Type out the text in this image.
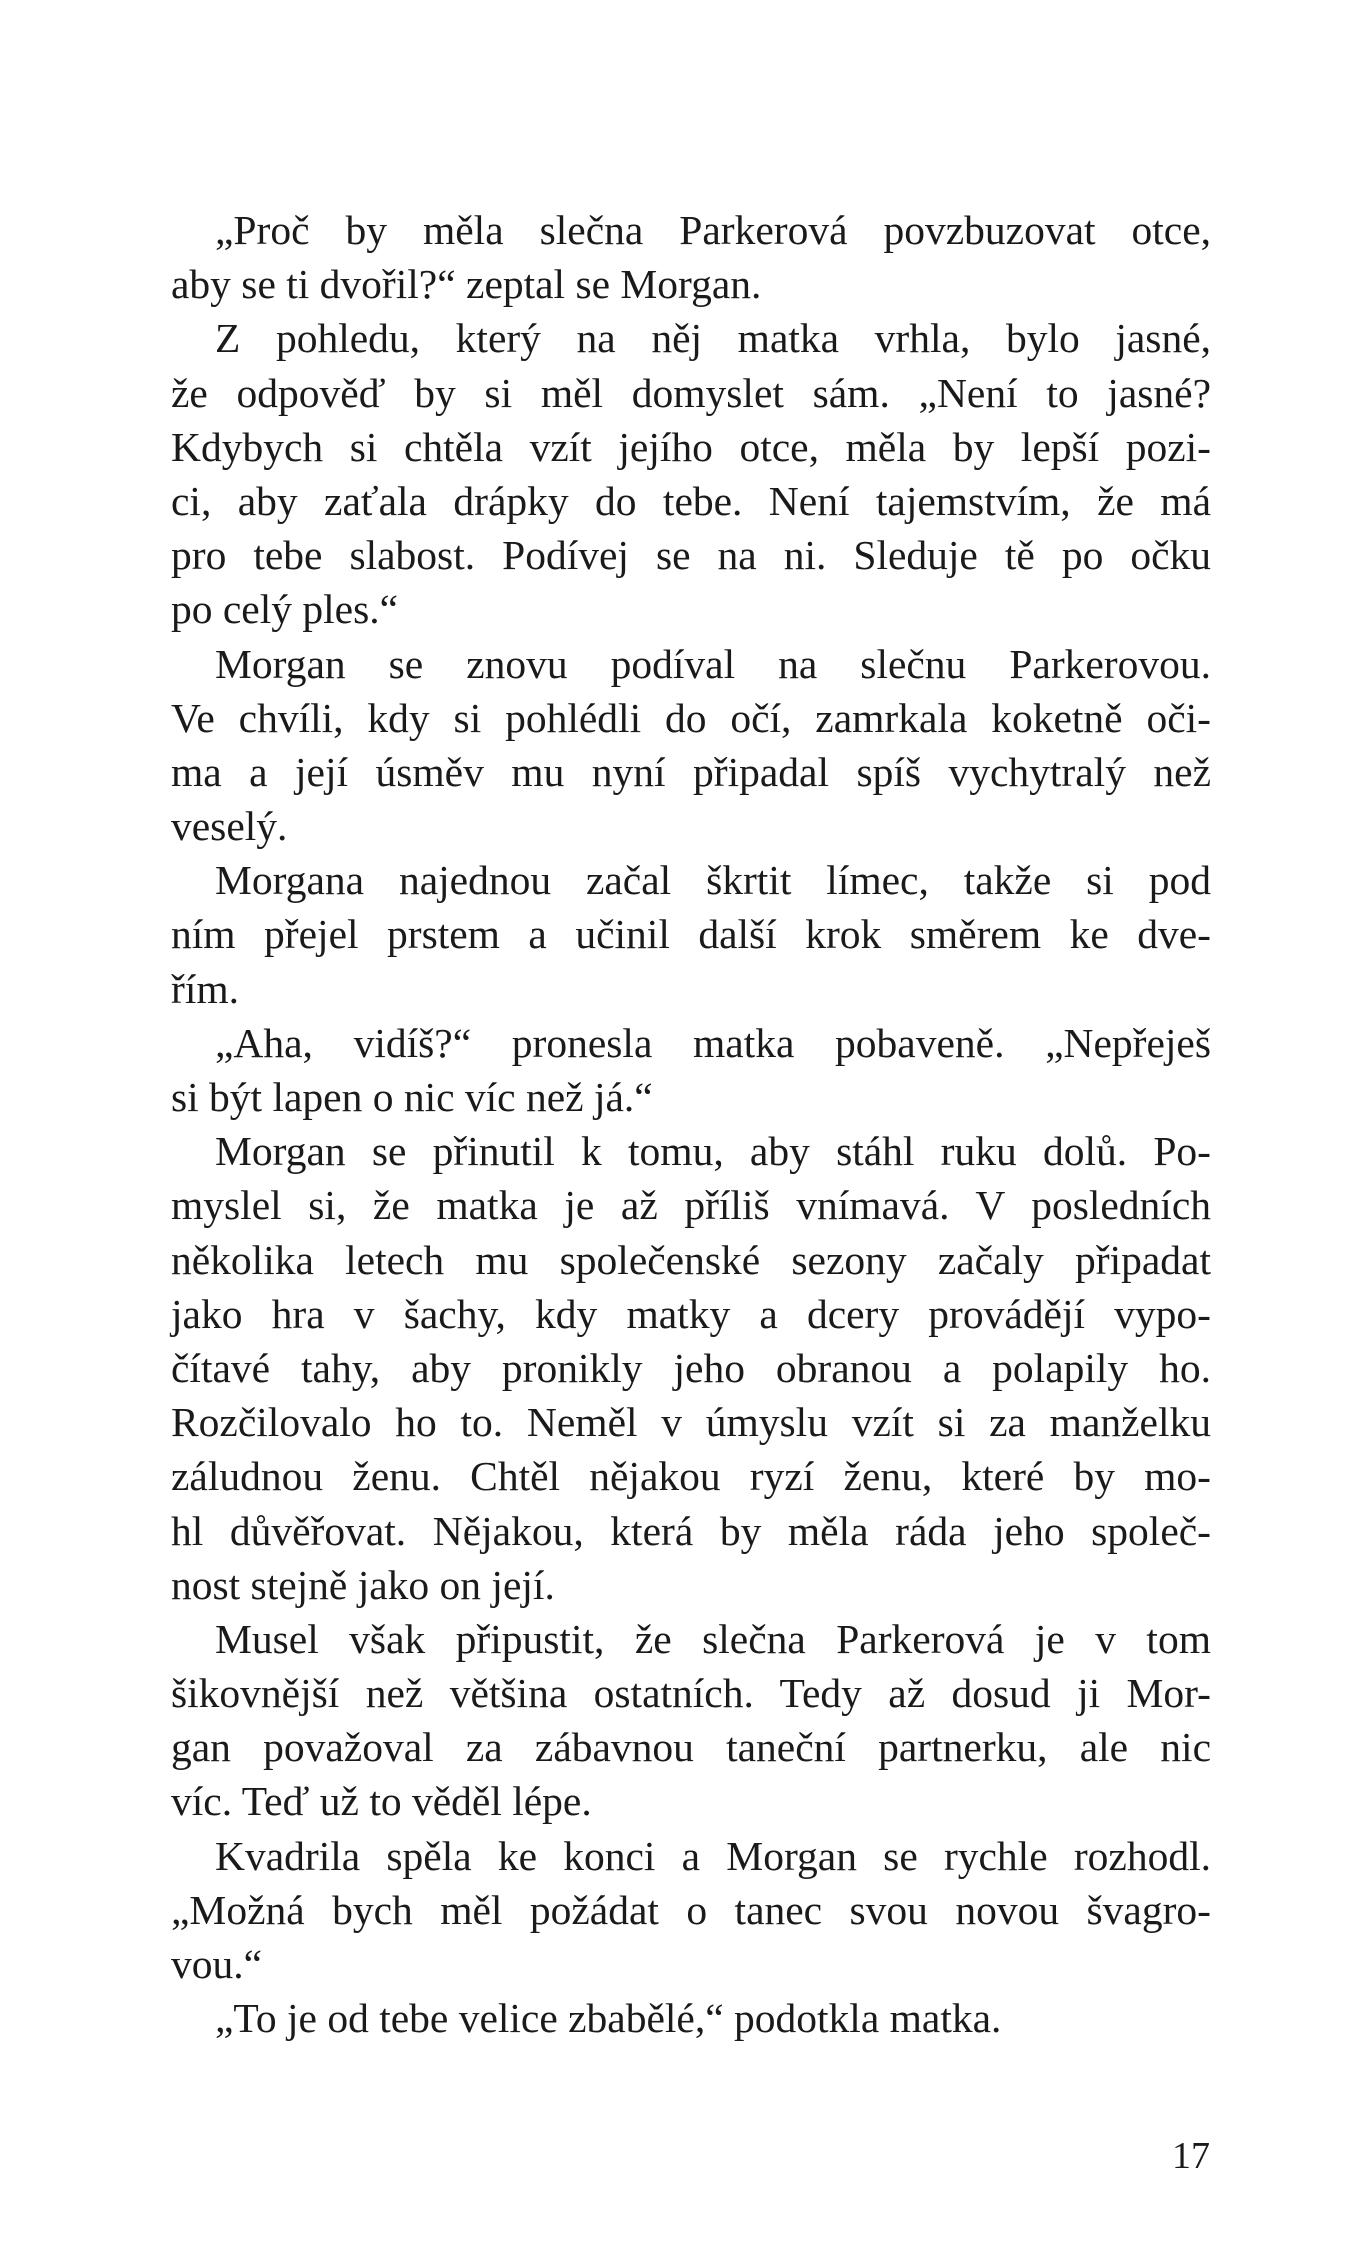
„Proč by měla slečna Parkerová povzbuzovat otce,
aby se ti dvořil?“ zeptal se Morgan.
Z pohledu, který na něj matka vrhla, bylo jasné,
že odpověď by si měl domyslet sám. „Není to jasné?
Kdybych si chtěla vzít jejího otce, měla by lepší pozi-
ci, aby zaťala drápky do tebe. Není tajemstvím, že má
pro tebe slabost. Podívej se na ni. Sleduje tě po očku
po celý ples.“
Morgan se znovu podíval na slečnu Parkerovou.
Ve chvíli, kdy si pohlédli do očí, zamrkala koketně oči-
ma a její úsměv mu nyní připadal spíš vychytralý než
veselý.
Morgana najednou začal škrtit límec, takže si pod
ním přejel prstem a učinil další krok směrem ke dve-
řím.
„Aha, vidíš?“ pronesla matka pobaveně. „Nepřeješ
si být lapen o nic víc než já.“
Morgan se přinutil k tomu, aby stáhl ruku dolů. Po-
myslel si, že matka je až příliš vnímavá. V posledních
několika letech mu společenské sezony začaly připadat
jako hra v šachy, kdy matky a dcery provádějí vypo-
čítavé tahy, aby pronikly jeho obranou a polapily ho.
Rozčilovalo ho to. Neměl v úmyslu vzít si za manželku
záludnou ženu. Chtěl nějakou ryzí ženu, které by mo-
hl důvěřovat. Nějakou, která by měla ráda jeho společ-
nost stejně jako on její.
Musel však připustit, že slečna Parkerová je v tom
šikovnější než většina ostatních. Tedy až dosud ji Mor-
gan považoval za zábavnou taneční partnerku, ale nic
víc. Teď už to věděl lépe.
Kvadrila spěla ke konci a Morgan se rychle rozhodl.
„Možná bych měl požádat o tanec svou novou švagro-
vou.“
„To je od tebe velice zbabělé,“ podotkla matka.
17
